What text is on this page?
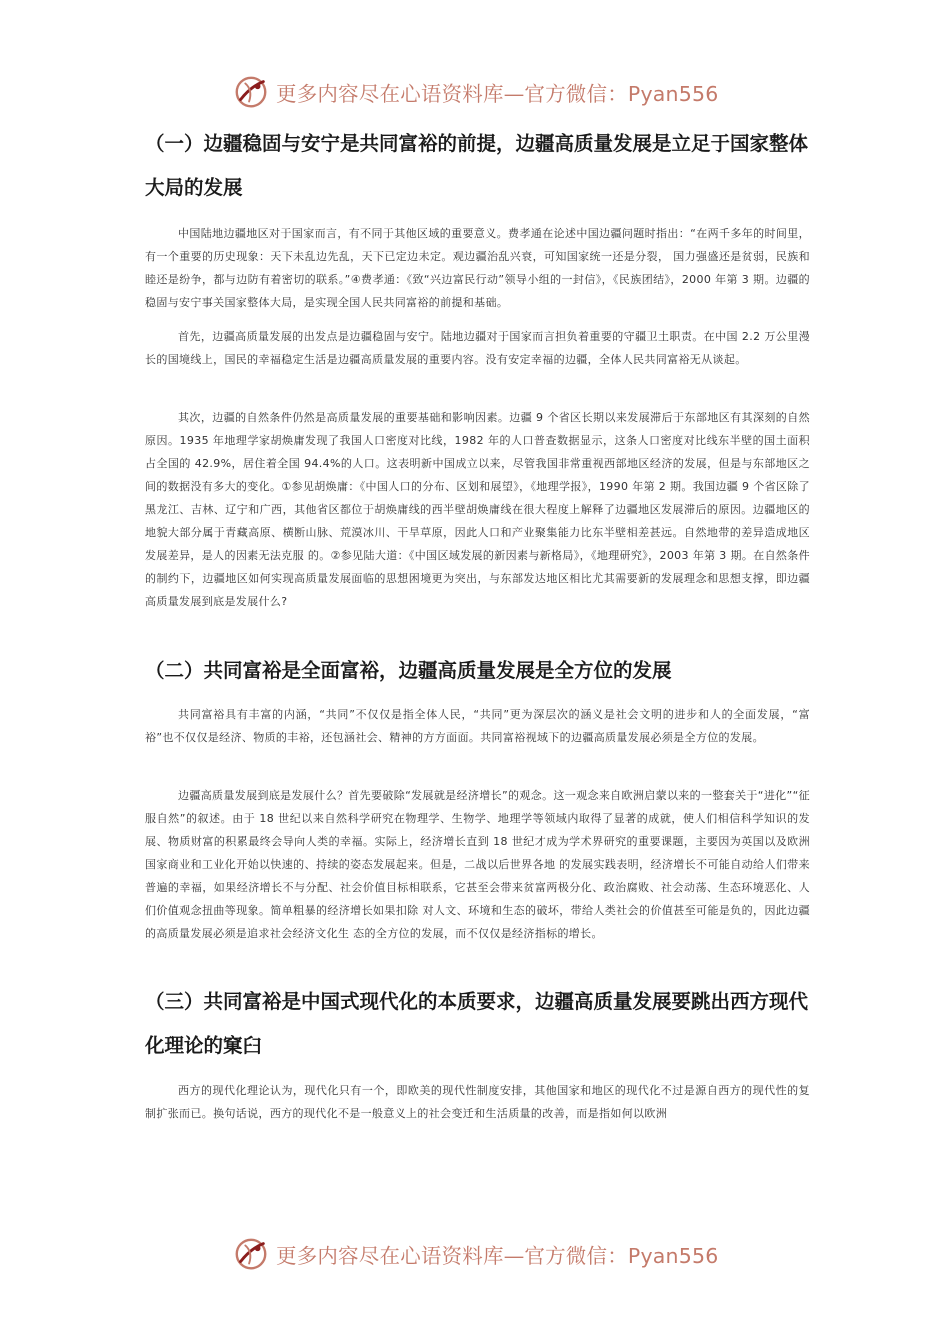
更多内容尽在心语资料库—官方微信：Pyan556
（一）边疆稳固与安宁是共同富裕的前提，边疆高质量发展是立足于国家整体大局的发展

中国陆地边疆地区对于国家而言，有不同于其他区域的重要意义。费孝通在论述中国边疆问题时指出：“在两千多年的时间里，有一个重要的历史现象：天下未乱边先乱，天下已定边未定。观边疆治乱兴衰，可知国家统一还是分裂， 国力强盛还是贫弱，民族和睦还是纷争，都与边防有着密切的联系。”④费孝通：《致“兴边富民行动”领导小组的一封信》，《民族团结》，2000 年第 3 期。边疆的稳固与安宁事关国家整体大局，是实现全国人民共同富裕的前提和基础。

首先，边疆高质量发展的出发点是边疆稳固与安宁。陆地边疆对于国家而言担负着重要的守疆卫土职责。在中国 2.2 万公里漫长的国境线上，国民的幸福稳定生活是边疆高质量发展的重要内容。没有安定幸福的边疆，全体人民共同富裕无从谈起。

其次，边疆的自然条件仍然是高质量发展的重要基础和影响因素。边疆 9 个省区长期以来发展滞后于东部地区有其深刻的自然原因。1935 年地理学家胡焕庸发现了我国人口密度对比线，1982 年的人口普查数据显示，这条人口密度对比线东半壁的国土面积占全国的 42.9%，居住着全国 94.4%的人口。这表明新中国成立以来，尽管我国非常重视西部地区经济的发展，但是与东部地区之间的数据没有多大的变化。①参见胡焕庸：《中国人口的分布、区划和展望》，《地理学报》，1990 年第 2 期。我国边疆 9 个省区除了黑龙江、吉林、辽宁和广西，其他省区都位于胡焕庸线的西半壁胡焕庸线在很大程度上解释了边疆地区发展滞后的原因。边疆地区的地貌大部分属于青藏高原、横断山脉、荒漠冰川、干旱草原，因此人口和产业聚集能力比东半壁相差甚远。自然地带的差异造成地区发展差异，是人的因素无法克服 的。②参见陆大道：《中国区域发展的新因素与新格局》，《地理研究》，2003 年第 3 期。在自然条件的制约下，边疆地区如何实现高质量发展面临的思想困境更为突出，与东部发达地区相比尤其需要新的发展理念和思想支撑，即边疆 高质量发展到底是发展什么?

（二）共同富裕是全面富裕，边疆高质量发展是全方位的发展

共同富裕具有丰富的内涵，“共同”不仅仅是指全体人民，“共同”更为深层次的涵义是社会文明的进步和人的全面发展，“富裕”也不仅仅是经济、物质的丰裕，还包涵社会、精神的方方面面。共同富裕视域下的边疆高质量发展必须是全方位的发展。

边疆高质量发展到底是发展什么？首先要破除“发展就是经济增长”的观念。这一观念来自欧洲启蒙以来的一整套关于“进化”“征服自然”的叙述。由于 18 世纪以来自然科学研究在物理学、生物学、地理学等领域内取得了显著的成就，使人们相信科学知识的发展、物质财富的积累最终会导向人类的幸福。实际上，经济增长直到 18 世纪才成为学术界研究的重要课题，主要因为英国以及欧洲国家商业和工业化开始以快速的、持续的姿态发展起来。但是，二战以后世界各地 的发展实践表明，经济增长不可能自动给人们带来普遍的幸福，如果经济增长不与分配、社会价值目标相联系，它甚至会带来贫富两极分化、政治腐败、社会动荡、生态环境恶化、人们价值观念扭曲等现象。简单粗暴的经济增长如果扣除 对人文、环境和生态的破坏，带给人类社会的价值甚至可能是负的，因此边疆的高质量发展必须是追求社会经济文化生 态的全方位的发展，而不仅仅是经济指标的增长。

（三）共同富裕是中国式现代化的本质要求，边疆高质量发展要跳出西方现代化理论的窠臼

西方的现代化理论认为，现代化只有一个，即欧美的现代性制度安排，其他国家和地区的现代化不过是源自西方的现代性的复制扩张而已。换句话说，西方的现代化不是一般意义上的社会变迁和生活质量的改善，而是指如何以欧洲

更多内容尽在心语资料库—官方微信：Pyan556
